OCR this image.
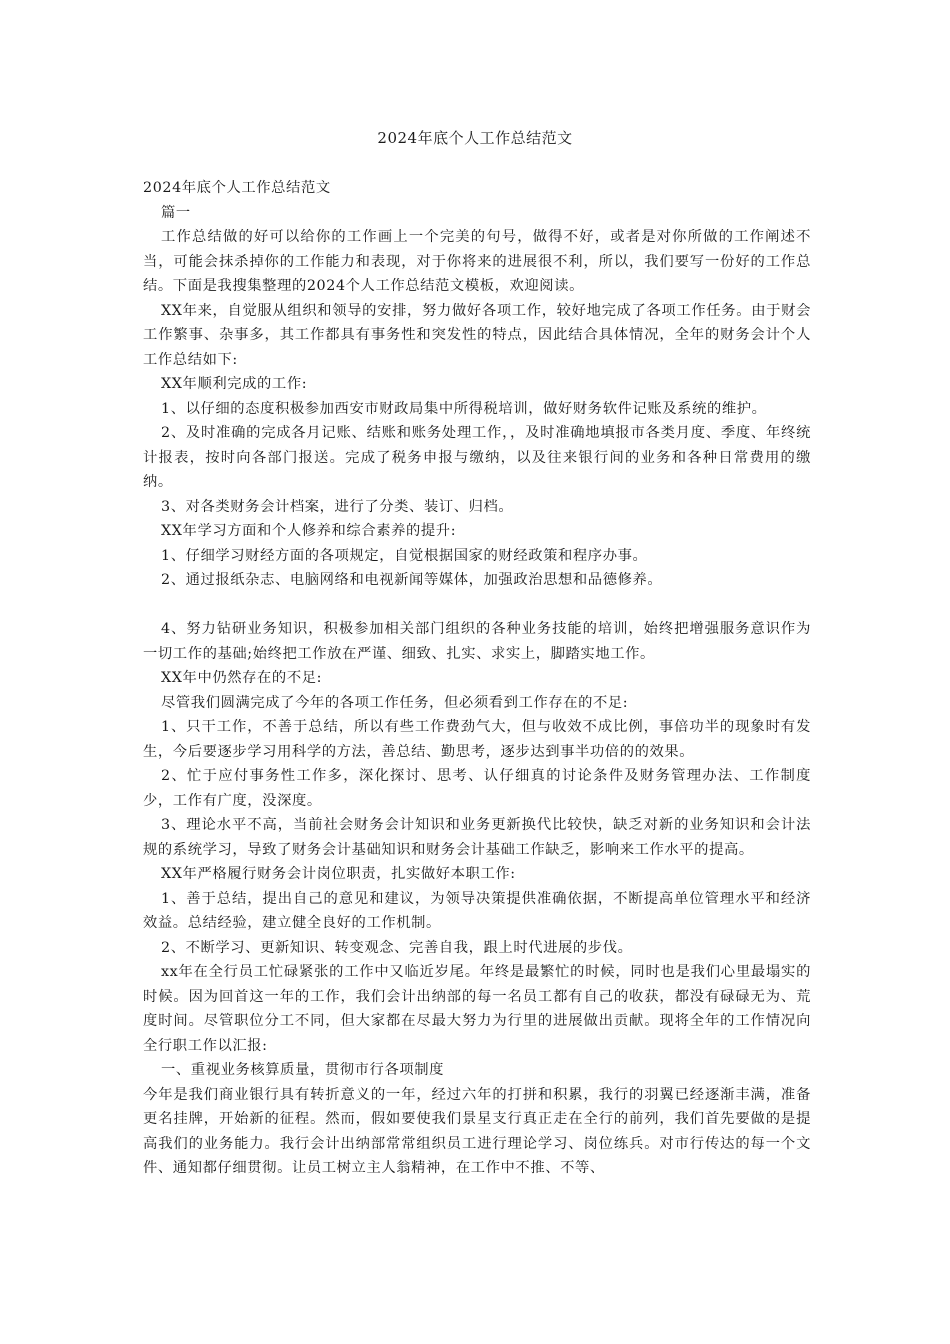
2024年底个人工作总结范文

2024年底个人工作总结范文

篇一

工作总结做的好可以给你的工作画上一个完美的句号，做得不好，或者是对你所做的工作阐述不当，可能会抹杀掉你的工作能力和表现，对于你将来的进展很不利，所以，我们要写一份好的工作总结。下面是我搜集整理的2024个人工作总结范文模板，欢迎阅读。

XX年来，自觉服从组织和领导的安排，努力做好各项工作，较好地完成了各项工作任务。由于财会工作繁事、杂事多，其工作都具有事务性和突发性的特点，因此结合具体情况，全年的财务会计个人工作总结如下:

XX年顺利完成的工作:

1、以仔细的态度积极参加西安市财政局集中所得税培训，做好财务软件记账及系统的维护。

2、及时准确的完成各月记账、结账和账务处理工作，，及时准确地填报市各类月度、季度、年终统计报表，按时向各部门报送。完成了税务申报与缴纳，以及往来银行间的业务和各种日常费用的缴纳。

3、对各类财务会计档案，进行了分类、装订、归档。

XX年学习方面和个人修养和综合素养的提升:

1、仔细学习财经方面的各项规定，自觉根据国家的财经政策和程序办事。

2、通过报纸杂志、电脑网络和电视新闻等媒体，加强政治思想和品德修养。

4、努力钻研业务知识，积极参加相关部门组织的各种业务技能的培训，始终把增强服务意识作为一切工作的基础;始终把工作放在严谨、细致、扎实、求实上，脚踏实地工作。

XX年中仍然存在的不足:

尽管我们圆满完成了今年的各项工作任务，但必须看到工作存在的不足:

1、只干工作，不善于总结，所以有些工作费劲气大，但与收效不成比例，事倍功半的现象时有发生，今后要逐步学习用科学的方法，善总结、勤思考，逐步达到事半功倍的的效果。

2、忙于应付事务性工作多，深化探讨、思考、认仔细真的讨论条件及财务管理办法、工作制度少，工作有广度，没深度。

3、理论水平不高，当前社会财务会计知识和业务更新换代比较快，缺乏对新的业务知识和会计法规的系统学习，导致了财务会计基础知识和财务会计基础工作缺乏，影响来工作水平的提高。

XX年严格履行财务会计岗位职责，扎实做好本职工作:

1、善于总结，提出自己的意见和建议，为领导决策提供准确依据，不断提高单位管理水平和经济效益。总结经验，建立健全良好的工作机制。

2、不断学习、更新知识、转变观念、完善自我，跟上时代进展的步伐。

xx年在全行员工忙碌紧张的工作中又临近岁尾。年终是最繁忙的时候，同时也是我们心里最塌实的时候。因为回首这一年的工作，我们会计出纳部的每一名员工都有自己的收获，都没有碌碌无为、荒度时间。尽管职位分工不同，但大家都在尽最大努力为行里的进展做出贡献。现将全年的工作情况向全行职工作以汇报:

一、重视业务核算质量，贯彻市行各项制度

今年是我们商业银行具有转折意义的一年，经过六年的打拼和积累，我行的羽翼已经逐渐丰满，准备更名挂牌，开始新的征程。然而，假如要使我们景星支行真正走在全行的前列，我们首先要做的是提高我们的业务能力。我行会计出纳部常常组织员工进行理论学习、岗位练兵。对市行传达的每一个文件、通知都仔细贯彻。让员工树立主人翁精神，在工作中不推、不等、
